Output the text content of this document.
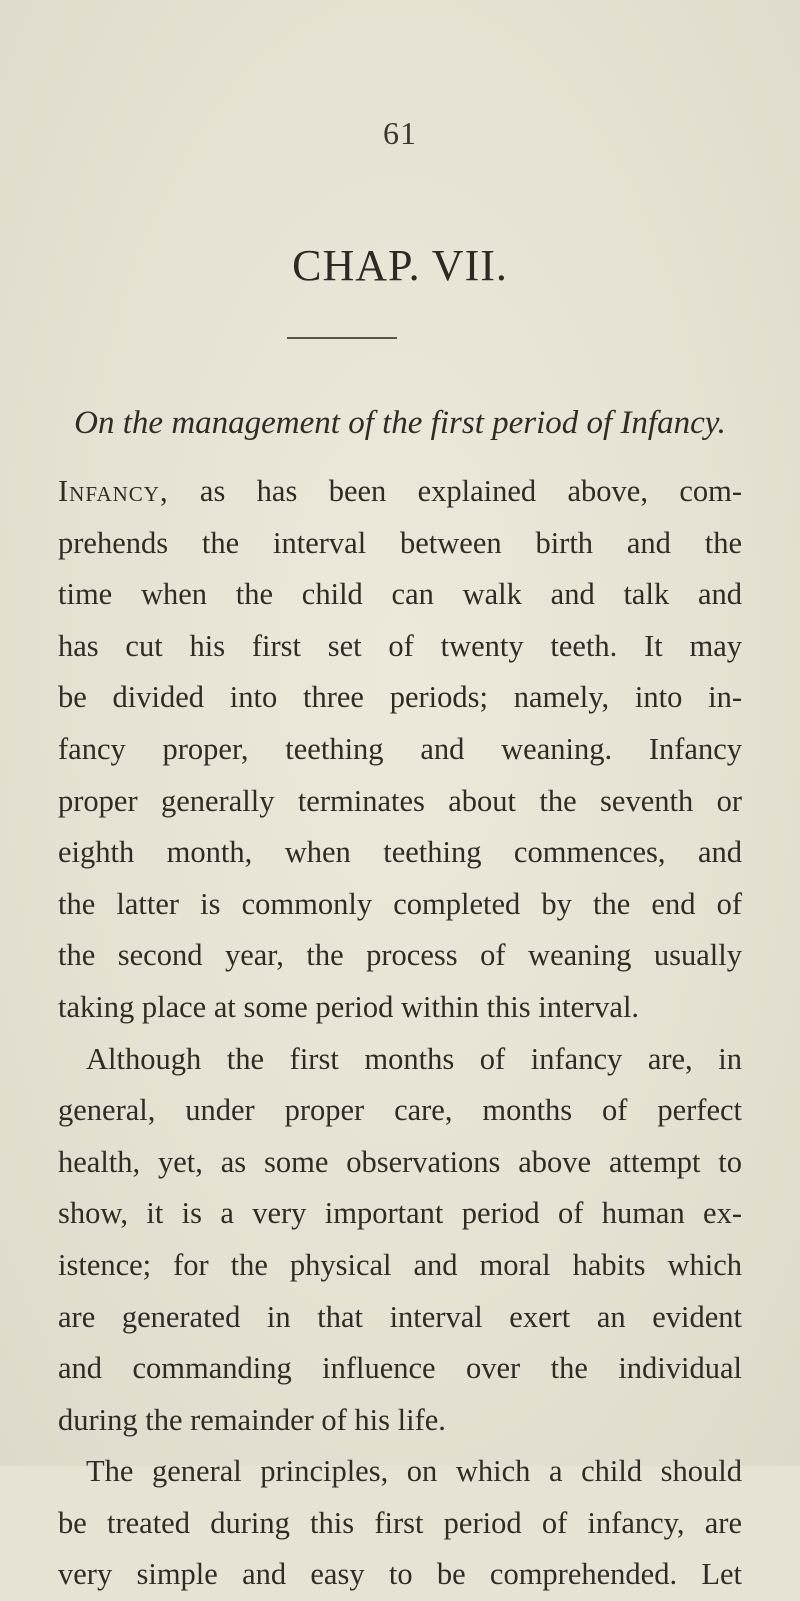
61
CHAP. VII.
On the management of the first period of Infancy.
Infancy, as has been explained above, com-
prehends the interval between birth and the
time when the child can walk and talk and
has cut his first set of twenty teeth. It may
be divided into three periods; namely, into in-
fancy proper, teething and weaning. Infancy
proper generally terminates about the seventh or
eighth month, when teething commences, and
the latter is commonly completed by the end of
the second year, the process of weaning usually
taking place at some period within this interval.
Although the first months of infancy are, in
general, under proper care, months of perfect
health, yet, as some observations above attempt to
show, it is a very important period of human ex-
istence; for the physical and moral habits which
are generated in that interval exert an evident
and commanding influence over the individual
during the remainder of his life.
The general principles, on which a child should
be treated during this first period of infancy, are
very simple and easy to be comprehended. Let
